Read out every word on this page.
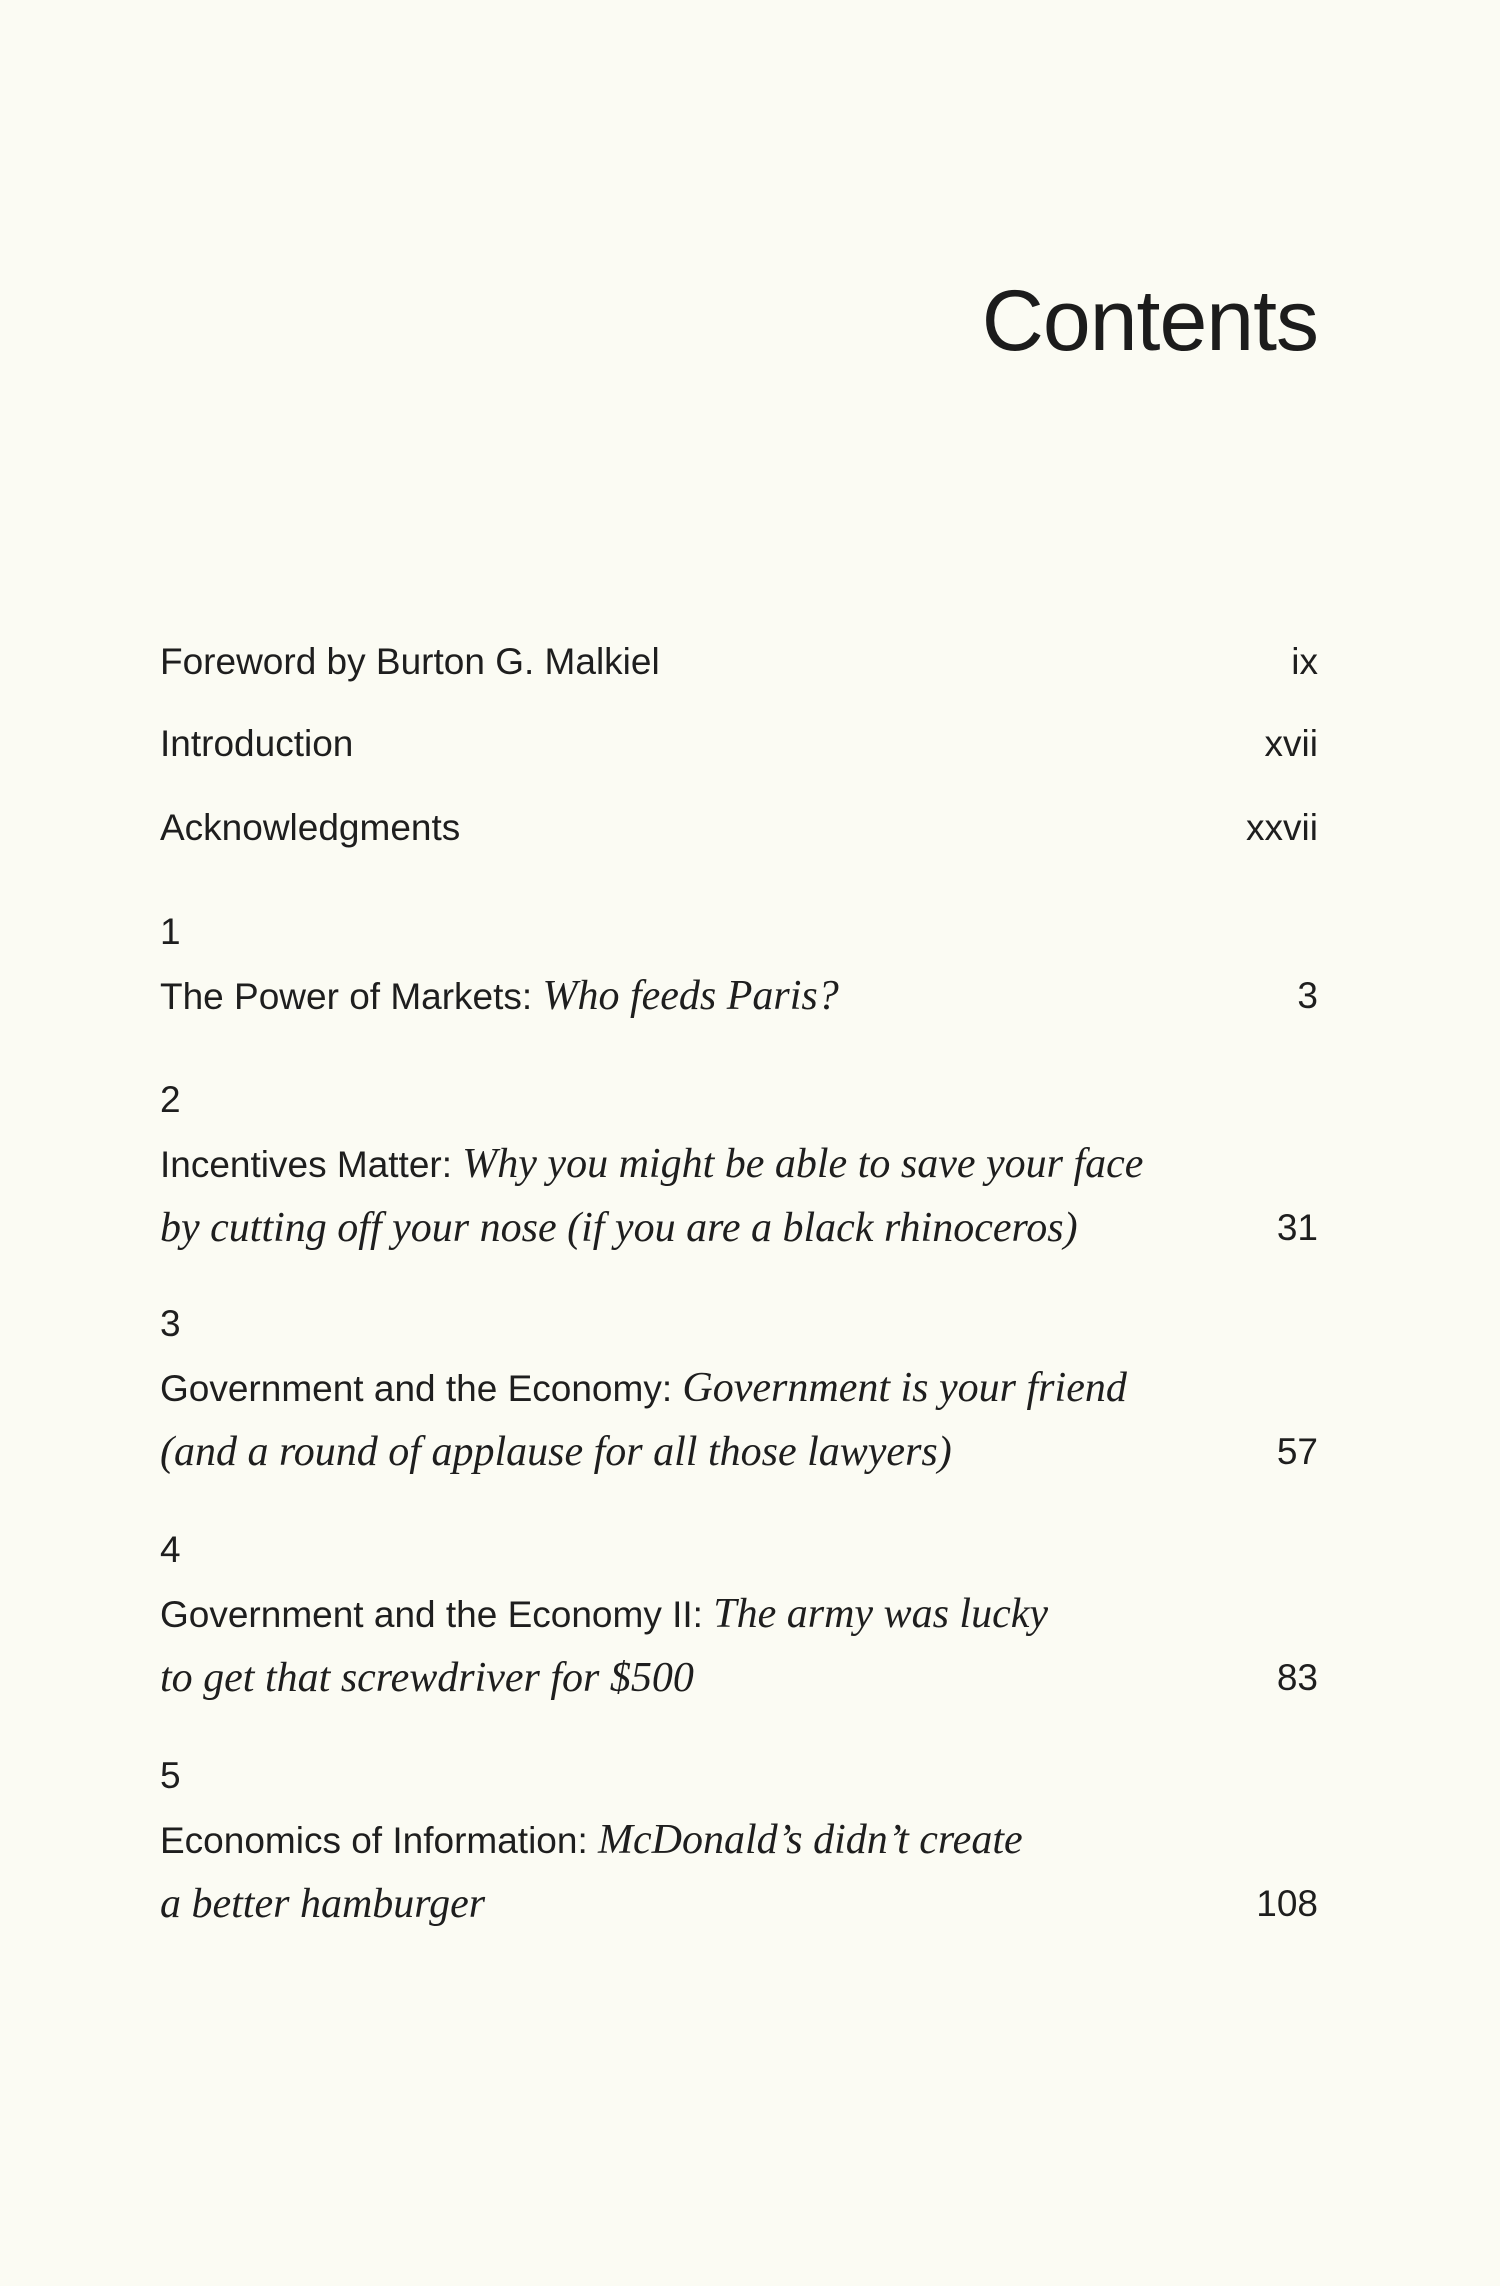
Contents
Foreword by Burton G. Malkiel	ix
Introduction	xvii
Acknowledgments	xxvii
1
The Power of Markets: Who feeds Paris?	3
2
Incentives Matter: Why you might be able to save your face
by cutting off your nose (if you are a black rhinoceros)	31
3
Government and the Economy: Government is your friend
(and a round of applause for all those lawyers)	57
4
Government and the Economy II: The army was lucky
to get that screwdriver for $500	83
5
Economics of Information: McDonald’s didn’t create
a better hamburger	108
